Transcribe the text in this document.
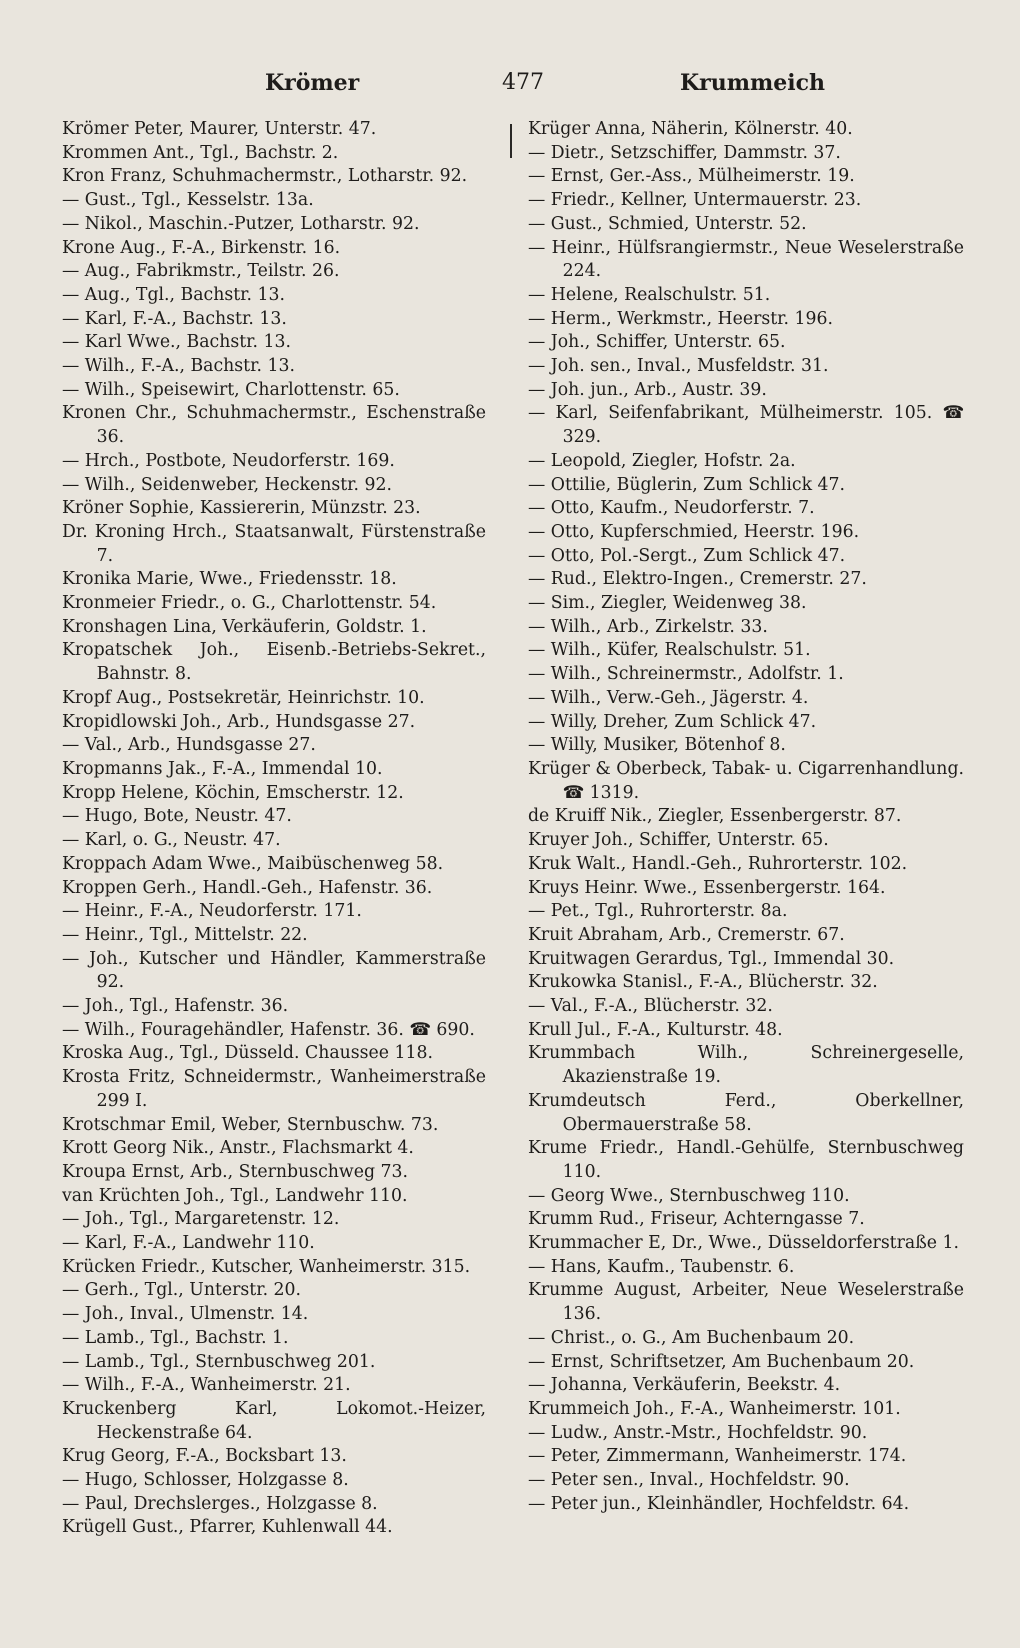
Krömer	477	Krummeich
Krömer Peter, Maurer, Unterstr. 47.
Krommen Ant., Tgl., Bachstr. 2.
Kron Franz, Schuhmachermstr., Lotharstr. 92.
— Gust., Tgl., Kesselstr. 13a.
— Nikol., Maschin.-Putzer, Lotharstr. 92.
Krone Aug., F.-A., Birkenstr. 16.
— Aug., Fabrikmstr., Teilstr. 26.
— Aug., Tgl., Bachstr. 13.
— Karl, F.-A., Bachstr. 13.
— Karl Wwe., Bachstr. 13.
— Wilh., F.-A., Bachstr. 13.
— Wilh., Speisewirt, Charlottenstr. 65.
Kronen Chr., Schuhmachermstr., Eschenstraße 36.
— Hrch., Postbote, Neudorferstr. 169.
— Wilh., Seidenweber, Heckenstr. 92.
Kröner Sophie, Kassiererin, Münzstr. 23.
Dr. Kroning Hrch., Staatsanwalt, Fürstenstraße 7.
Kronika Marie, Wwe., Friedensstr. 18.
Kronmeier Friedr., o. G., Charlottenstr. 54.
Kronshagen Lina, Verkäuferin, Goldstr. 1.
Kropatschek Joh., Eisenb.-Betriebs-Sekret., Bahnstr. 8.
Kropf Aug., Postsekretär, Heinrichstr. 10.
Kropidlowski Joh., Arb., Hundsgasse 27.
— Val., Arb., Hundsgasse 27.
Kropmanns Jak., F.-A., Immendal 10.
Kropp Helene, Köchin, Emscherstr. 12.
— Hugo, Bote, Neustr. 47.
— Karl, o. G., Neustr. 47.
Kroppach Adam Wwe., Maibüschenweg 58.
Kroppen Gerh., Handl.-Geh., Hafenstr. 36.
— Heinr., F.-A., Neudorferstr. 171.
— Heinr., Tgl., Mittelstr. 22.
— Joh., Kutscher und Händler, Kammerstraße 92.
— Joh., Tgl., Hafenstr. 36.
— Wilh., Fouragehändler, Hafenstr. 36. ☎ 690.
Kroska Aug., Tgl., Düsseld. Chaussee 118.
Krosta Fritz, Schneidermstr., Wanheimerstraße 299 I.
Krotschmar Emil, Weber, Sternbuschw. 73.
Krott Georg Nik., Anstr., Flachsmarkt 4.
Kroupa Ernst, Arb., Sternbuschweg 73.
van Krüchten Joh., Tgl., Landwehr 110.
— Joh., Tgl., Margaretenstr. 12.
— Karl, F.-A., Landwehr 110.
Krücken Friedr., Kutscher, Wanheimerstr. 315.
— Gerh., Tgl., Unterstr. 20.
— Joh., Inval., Ulmenstr. 14.
— Lamb., Tgl., Bachstr. 1.
— Lamb., Tgl., Sternbuschweg 201.
— Wilh., F.-A., Wanheimerstr. 21.
Kruckenberg Karl, Lokomot.-Heizer, Heckenstraße 64.
Krug Georg, F.-A., Bocksbart 13.
— Hugo, Schlosser, Holzgasse 8.
— Paul, Drechslerges., Holzgasse 8.
Krügell Gust., Pfarrer, Kuhlenwall 44.
Krüger Anna, Näherin, Kölnerstr. 40.
— Dietr., Setzschiffer, Dammstr. 37.
— Ernst, Ger.-Ass., Mülheimerstr. 19.
— Friedr., Kellner, Untermauerstr. 23.
— Gust., Schmied, Unterstr. 52.
— Heinr., Hülfsrangiermstr., Neue Weselerstraße 224.
— Helene, Realschulstr. 51.
— Herm., Werkmstr., Heerstr. 196.
— Joh., Schiffer, Unterstr. 65.
— Joh. sen., Inval., Musfeldstr. 31.
— Joh. jun., Arb., Austr. 39.
— Karl, Seifenfabrikant, Mülheimerstr. 105. ☎ 329.
— Leopold, Ziegler, Hofstr. 2a.
— Ottilie, Büglerin, Zum Schlick 47.
— Otto, Kaufm., Neudorferstr. 7.
— Otto, Kupferschmied, Heerstr. 196.
— Otto, Pol.-Sergt., Zum Schlick 47.
— Rud., Elektro-Ingen., Cremerstr. 27.
— Sim., Ziegler, Weidenweg 38.
— Wilh., Arb., Zirkelstr. 33.
— Wilh., Küfer, Realschulstr. 51.
— Wilh., Schreinermstr., Adolfstr. 1.
— Wilh., Verw.-Geh., Jägerstr. 4.
— Willy, Dreher, Zum Schlick 47.
— Willy, Musiker, Bötenhof 8.
Krüger & Oberbeck, Tabak- u. Cigarrenhandlung. ☎ 1319.
de Kruiff Nik., Ziegler, Essenbergerstr. 87.
Kruyer Joh., Schiffer, Unterstr. 65.
Kruk Walt., Handl.-Geh., Ruhrorterstr. 102.
Kruys Heinr. Wwe., Essenbergerstr. 164.
— Pet., Tgl., Ruhrorterstr. 8a.
Kruit Abraham, Arb., Cremerstr. 67.
Kruitwagen Gerardus, Tgl., Immendal 30.
Krukowka Stanisl., F.-A., Blücherstr. 32.
— Val., F.-A., Blücherstr. 32.
Krull Jul., F.-A., Kulturstr. 48.
Krummbach Wilh., Schreinergeselle, Akazienstraße 19.
Krumdeutsch Ferd., Oberkellner, Obermauerstraße 58.
Krume Friedr., Handl.-Gehülfe, Sternbuschweg 110.
— Georg Wwe., Sternbuschweg 110.
Krumm Rud., Friseur, Achterngasse 7.
Krummacher E, Dr., Wwe., Düsseldorferstraße 1.
— Hans, Kaufm., Taubenstr. 6.
Krumme August, Arbeiter, Neue Weselerstraße 136.
— Christ., o. G., Am Buchenbaum 20.
— Ernst, Schriftsetzer, Am Buchenbaum 20.
— Johanna, Verkäuferin, Beekstr. 4.
Krummeich Joh., F.-A., Wanheimerstr. 101.
— Ludw., Anstr.-Mstr., Hochfeldstr. 90.
— Peter, Zimmermann, Wanheimerstr. 174.
— Peter sen., Inval., Hochfeldstr. 90.
— Peter jun., Kleinhändler, Hochfeldstr. 64.
